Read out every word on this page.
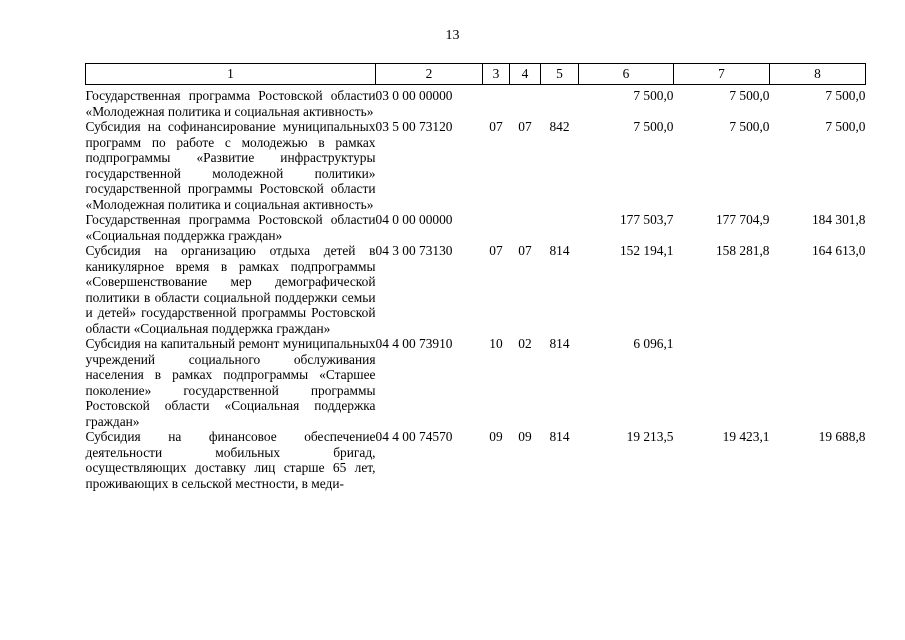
13
1	2	3	4	5	6	7	8
Государственная программа Ростовской области «Молодежная политика и социальная активность»	03 0 00 00000				7 500,0	7 500,0	7 500,0
Субсидия на софинансирование муниципальных программ по работе с молодежью в рамках подпрограммы «Развитие инфраструктуры государственной молодежной политики» государственной программы Ростовской области «Молодежная политика и социальная активность»	03 5 00 73120	07	07	842	7 500,0	7 500,0	7 500,0
Государственная программа Ростовской области «Социальная поддержка граждан»	04 0 00 00000				177 503,7	177 704,9	184 301,8
Субсидия на организацию отдыха детей в каникулярное время в рамках подпрограммы «Совершенствование мер демографической политики в области социальной поддержки семьи и детей» государственной программы Ростовской области «Социальная поддержка граждан»	04 3 00 73130	07	07	814	152 194,1	158 281,8	164 613,0
Субсидия на капитальный ремонт муниципальных учреждений социального обслуживания населения в рамках подпрограммы «Старшее поколение» государственной программы Ростовской области «Социальная поддержка граждан»	04 4 00 73910	10	02	814	6 096,1		
Субсидия на финансовое обеспечение деятельности мобильных бригад, осуществляющих доставку лиц старше 65 лет, проживающих в сельской местности, в меди-	04 4 00 74570	09	09	814	19 213,5	19 423,1	19 688,8
